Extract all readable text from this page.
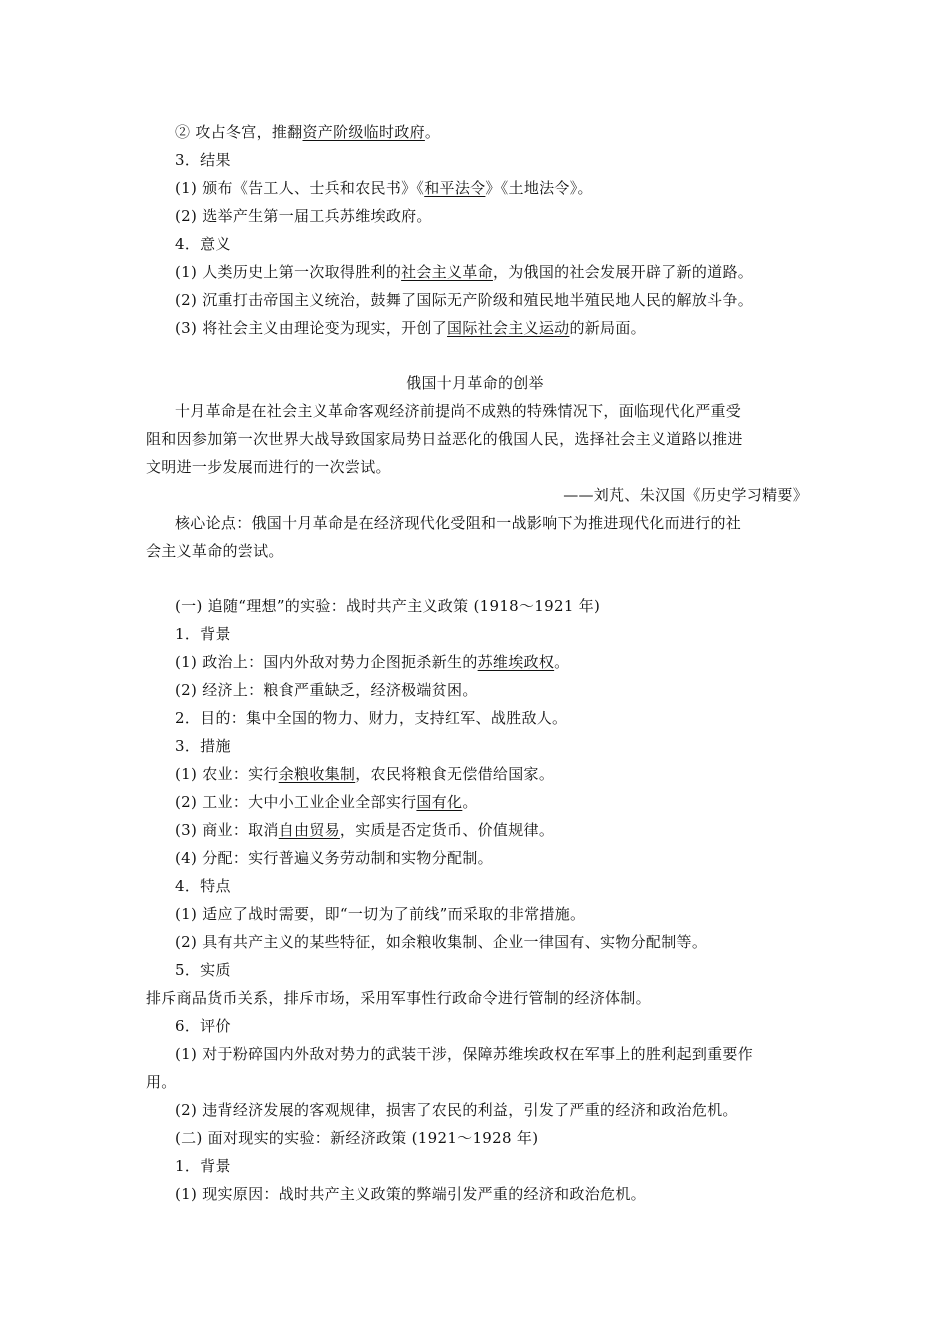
② 攻占冬宫，推翻资产阶级临时政府。
3．结果
(1) 颁布《告工人、士兵和农民书》《和平法令》《土地法令》。
(2) 选举产生第一届工兵苏维埃政府。
4．意义
(1) 人类历史上第一次取得胜利的社会主义革命，为俄国的社会发展开辟了新的道路。
(2) 沉重打击帝国主义统治，鼓舞了国际无产阶级和殖民地半殖民地人民的解放斗争。
(3) 将社会主义由理论变为现实，开创了国际社会主义运动的新局面。
俄国十月革命的创举
十月革命是在社会主义革命客观经济前提尚不成熟的特殊情况下，面临现代化严重受
阻和因参加第一次世界大战导致国家局势日益恶化的俄国人民，选择社会主义道路以推进
文明进一步发展而进行的一次尝试。
——刘芃、朱汉国《历史学习精要》
核心论点：俄国十月革命是在经济现代化受阻和一战影响下为推进现代化而进行的社
会主义革命的尝试。
(一) 追随“理想”的实验：战时共产主义政策 (1918～1921 年)
1．背景
(1) 政治上：国内外敌对势力企图扼杀新生的苏维埃政权。
(2) 经济上：粮食严重缺乏，经济极端贫困。
2．目的：集中全国的物力、财力，支持红军、战胜敌人。
3．措施
(1) 农业：实行余粮收集制，农民将粮食无偿借给国家。
(2) 工业：大中小工业企业全部实行国有化。
(3) 商业：取消自由贸易，实质是否定货币、价值规律。
(4) 分配：实行普遍义务劳动制和实物分配制。
4．特点
(1) 适应了战时需要，即“一切为了前线”而采取的非常措施。
(2) 具有共产主义的某些特征，如余粮收集制、企业一律国有、实物分配制等。
5．实质
排斥商品货币关系，排斥市场，采用军事性行政命令进行管制的经济体制。
6．评价
(1) 对于粉碎国内外敌对势力的武装干涉，保障苏维埃政权在军事上的胜利起到重要作
用。
(2) 违背经济发展的客观规律，损害了农民的利益，引发了严重的经济和政治危机。
(二) 面对现实的实验：新经济政策 (1921～1928 年)
1．背景
(1) 现实原因：战时共产主义政策的弊端引发严重的经济和政治危机。
